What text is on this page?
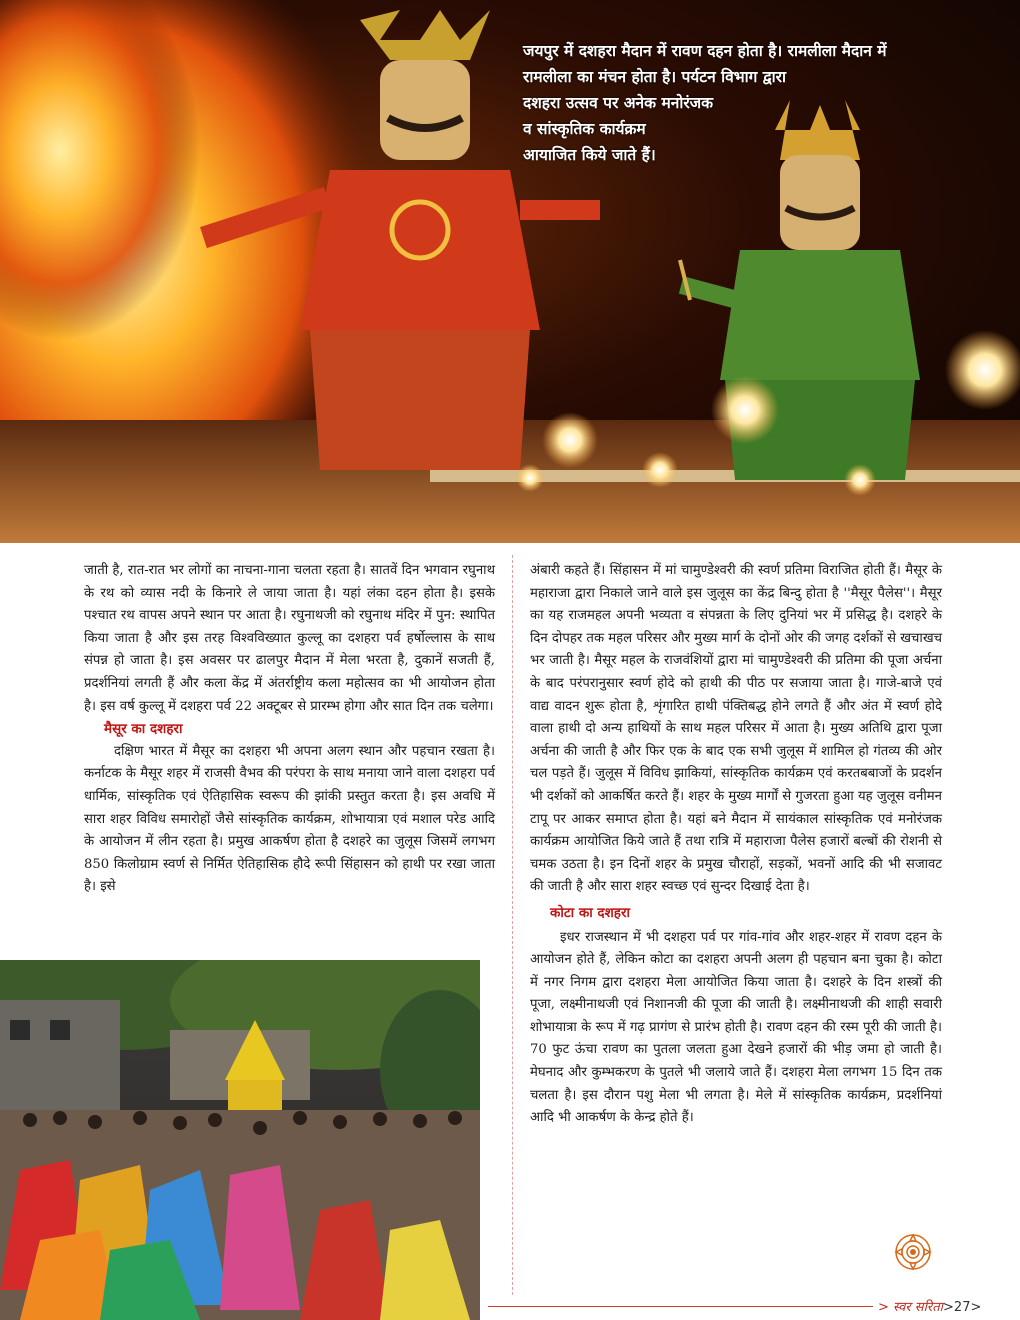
जयपुर में दशहरा मैदान में रावण दहन होता है। रामलीला मैदान में
रामलीला का मंचन होता है। पर्यटन विभाग द्वारा
दशहरा उत्सव पर अनेक मनोरंजक
व सांस्कृतिक कार्यक्रम
आयाजित किये जाते हैं।

जाती है, रात-रात भर लोगों का नाचना-गाना चलता रहता है। सातवें दिन भगवान रघुनाथ के रथ को व्यास नदी के किनारे ले जाया जाता है। यहां लंका दहन होता है। इसके पश्चात रथ वापस अपने स्थान पर आता है। रघुनाथजी को रघुनाथ मंदिर में पुन: स्थापित किया जाता है और इस तरह विश्वविख्यात कुल्लू का दशहरा पर्व हर्षोल्लास के साथ संपन्न हो जाता है। इस अवसर पर ढालपुर मैदान में मेला भरता है, दुकानें सजती हैं, प्रदर्शनियां लगती हैं और कला केंद्र में अंतर्राष्ट्रीय कला महोत्सव का भी आयोजन होता है। इस वर्ष कुल्लू में दशहरा पर्व 22 अक्टूबर से प्रारम्भ होगा और सात दिन तक चलेगा।

मैसूर का दशहरा

दक्षिण भारत में मैसूर का दशहरा भी अपना अलग स्थान और पहचान रखता है। कर्नाटक के मैसूर शहर में राजसी वैभव की परंपरा के साथ मनाया जाने वाला दशहरा पर्व धार्मिक, सांस्कृतिक एवं ऐतिहासिक स्वरूप की झांकी प्रस्तुत करता है। इस अवधि में सारा शहर विविध समारोहों जैसे सांस्कृतिक कार्यक्रम, शोभायात्रा एवं मशाल परेड आदि के आयोजन में लीन रहता है। प्रमुख आकर्षण होता है दशहरे का जुलूस जिसमें लगभग 850 किलोग्राम स्वर्ण से निर्मित ऐतिहासिक हौदे रूपी सिंहासन को हाथी पर रखा जाता है। इसे

अंबारी कहते हैं। सिंहासन में मां चामुण्डेश्वरी की स्वर्ण प्रतिमा विराजित होती हैं। मैसूर के महाराजा द्वारा निकाले जाने वाले इस जुलूस का केंद्र बिन्दु होता है ''मैसूर पैलेस''। मैसूर का यह राजमहल अपनी भव्यता व संपन्नता के लिए दुनियां भर में प्रसिद्ध है। दशहरे के दिन दोपहर तक महल परिसर और मुख्य मार्ग के दोनों ओर की जगह दर्शकों से खचाखच भर जाती है। मैसूर महल के राजवंशियों द्वारा मां चामुण्डेश्वरी की प्रतिमा की पूजा अर्चना के बाद परंपरानुसार स्वर्ण होदे को हाथी की पीठ पर सजाया जाता है। गाजे-बाजे एवं वाद्य वादन शुरू होता है, शृंगारित हाथी पंक्तिबद्ध होने लगते हैं और अंत में स्वर्ण होदे वाला हाथी दो अन्य हाथियों के साथ महल परिसर में आता है। मुख्य अतिथि द्वारा पूजा अर्चना की जाती है और फिर एक के बाद एक सभी जुलूस में शामिल हो गंतव्य की ओर चल पड़ते हैं। जुलूस में विविध झाकियां, सांस्कृतिक कार्यक्रम एवं करतबबाजों के प्रदर्शन भी दर्शकों को आकर्षित करते हैं। शहर के मुख्य मार्गों से गुजरता हुआ यह जुलूस वनीमन टापू पर आकर समाप्त होता है। यहां बने मैदान में सायंकाल सांस्कृतिक एवं मनोरंजक कार्यक्रम आयोजित किये जाते हैं तथा रात्रि में महाराजा पैलेस हजारों बल्बों की रोशनी से चमक उठता है। इन दिनों शहर के प्रमुख चौराहों, सड़कों, भवनों आदि की भी सजावट की जाती है और सारा शहर स्वच्छ एवं सुन्दर दिखाई देता है।

कोटा का दशहरा

इधर राजस्थान में भी दशहरा पर्व पर गांव-गांव और शहर-शहर में रावण दहन के आयोजन होते हैं, लेकिन कोटा का दशहरा अपनी अलग ही पहचान बना चुका है। कोटा में नगर निगम द्वारा दशहरा मेला आयोजित किया जाता है। दशहरे के दिन शस्त्रों की पूजा, लक्ष्मीनाथजी एवं निशानजी की पूजा की जाती है। लक्ष्मीनाथजी की शाही सवारी शोभायात्रा के रूप में गढ़ प्रागंण से प्रारंभ होती है। रावण दहन की रस्म पूरी की जाती है। 70 फुट ऊंचा रावण का पुतला जलता हुआ देखने हजारों की भीड़ जमा हो जाती है। मेघनाद और कुम्भकरण के पुतले भी जलाये जाते हैं। दशहरा मेला लगभग 15 दिन तक चलता है। इस दौरान पशु मेला भी लगता है। मेले में सांस्कृतिक कार्यक्रम, प्रदर्शनियां आदि भी आकर्षण के केन्द्र होते हैं।

> स्वर सरिता>27>
